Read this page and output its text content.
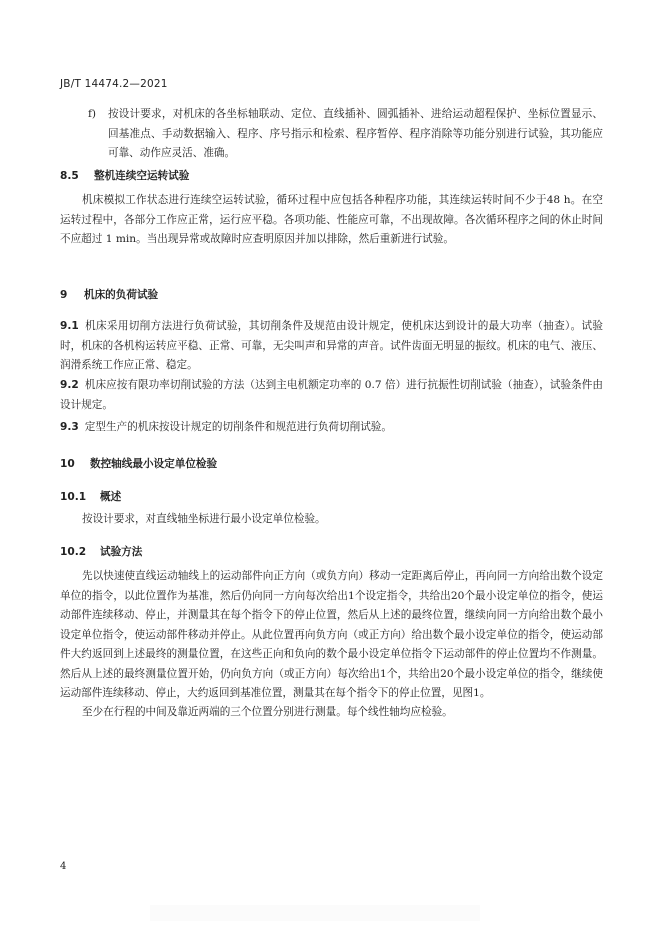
JB/T 14474.2—2021
f) 按设计要求，对机床的各坐标轴联动、定位、直线插补、圆弧插补、进给运动超程保护、坐标位置显示、回基准点、手动数据输入、程序、序号指示和检索、程序暂停、程序消除等功能分别进行试验，其功能应可靠、动作应灵活、准确。
8.5 整机连续空运转试验
机床模拟工作状态进行连续空运转试验，循环过程中应包括各种程序功能，其连续运转时间不少于48 h。在空运转过程中，各部分工作应正常，运行应平稳。各项功能、性能应可靠，不出现故障。各次循环程序之间的休止时间不应超过 1 min。当出现异常或故障时应查明原因并加以排除，然后重新进行试验。
9 机床的负荷试验
9.1 机床采用切削方法进行负荷试验，其切削条件及规范由设计规定，使机床达到设计的最大功率（抽查）。试验时，机床的各机构运转应平稳、正常、可靠，无尖叫声和异常的声音。试件齿面无明显的振纹。机床的电气、液压、润滑系统工作应正常、稳定。
9.2 机床应按有限功率切削试验的方法（达到主电机额定功率的 0.7 倍）进行抗振性切削试验（抽查），试验条件由设计规定。
9.3 定型生产的机床按设计规定的切削条件和规范进行负荷切削试验。
10 数控轴线最小设定单位检验
10.1 概述
按设计要求，对直线轴坐标进行最小设定单位检验。
10.2 试验方法
先以快速使直线运动轴线上的运动部件向正方向（或负方向）移动一定距离后停止，再向同一方向给出数个设定单位的指令，以此位置作为基准，然后仍向同一方向每次给出1个设定指令，共给出20个最小设定单位的指令，使运动部件连续移动、停止，并测量其在每个指令下的停止位置，然后从上述的最终位置，继续向同一方向给出数个最小设定单位指令，使运动部件移动并停止。从此位置再向负方向（或正方向）给出数个最小设定单位的指令，使运动部件大约返回到上述最终的测量位置，在这些正向和负向的数个最小设定单位指令下运动部件的停止位置均不作测量。然后从上述的最终测量位置开始，仍向负方向（或正方向）每次给出1个，共给出20个最小设定单位的指令，继续使运动部件连续移动、停止，大约返回到基准位置，测量其在每个指令下的停止位置，见图1。
至少在行程的中间及靠近两端的三个位置分别进行测量。每个线性轴均应检验。
4
